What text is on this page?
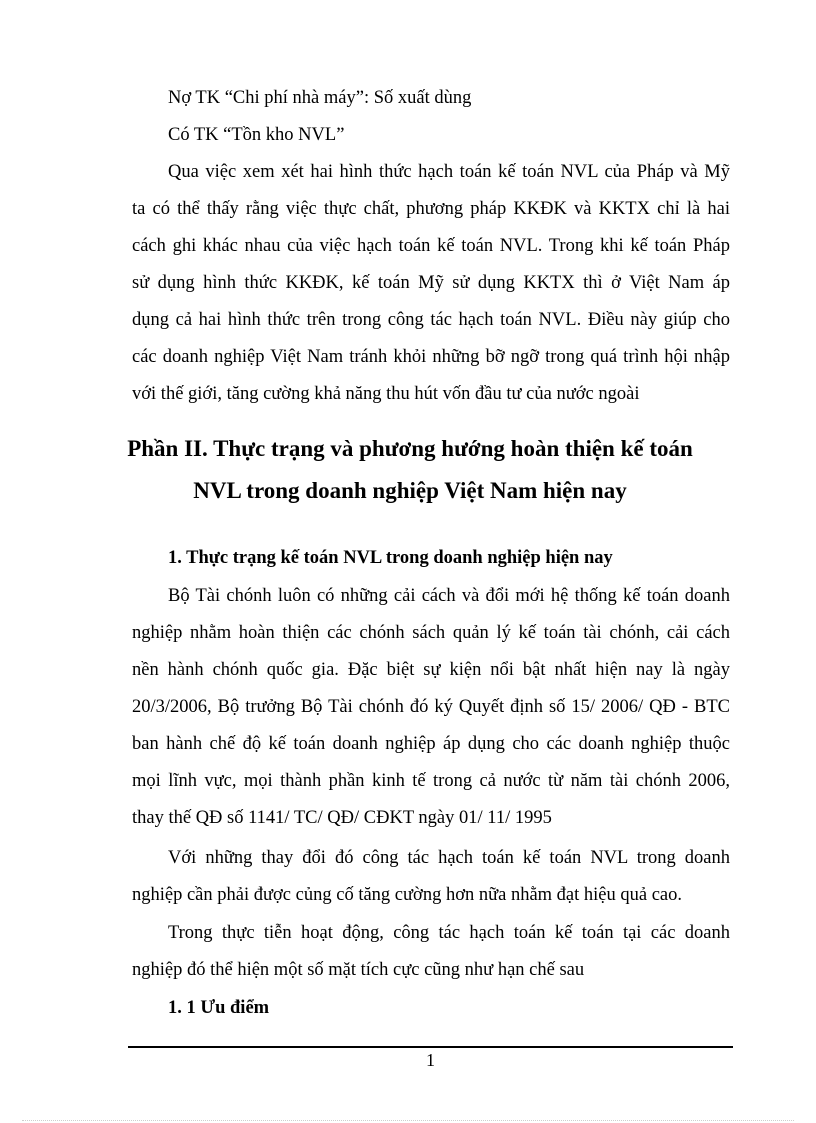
Nợ TK “Chi phí nhà máy”: Số xuất dùng
Có TK “Tồn kho NVL”
Qua việc xem xét hai hình thức hạch toán kế toán NVL của Pháp và Mỹ
ta có thể thấy rằng việc thực chất, phương pháp KKĐK và KKTX chỉ là hai
cách ghi khác nhau của việc hạch toán kế toán NVL. Trong khi kế toán Pháp
sử dụng hình thức KKĐK, kế toán Mỹ sử dụng KKTX thì ở Việt Nam áp
dụng cả hai hình thức trên trong công tác hạch toán NVL. Điều này giúp cho
các doanh nghiệp Việt Nam tránh khỏi những bỡ ngỡ trong quá trình hội nhập
với thế giới, tăng cường khả năng thu hút vốn đầu tư của nước ngoài
Phần II. Thực trạng và phương hướng hoàn thiện kế toán
NVL trong doanh nghiệp Việt Nam hiện nay
1. Thực trạng kế toán NVL trong doanh nghiệp hiện nay
Bộ Tài chónh luôn có những cải cách và đổi mới hệ thống kế toán doanh
nghiệp nhằm hoàn thiện các chónh sách quản lý kế toán tài chónh, cải cách
nền hành chónh quốc gia. Đặc biệt sự kiện nổi bật nhất hiện nay là ngày
20/3/2006, Bộ trưởng Bộ Tài chónh đó ký Quyết định số 15/ 2006/ QĐ - BTC
ban hành chế độ kế toán doanh nghiệp áp dụng cho các doanh nghiệp thuộc
mọi lĩnh vực, mọi thành phần kinh tế trong cả nước từ năm tài chónh 2006,
thay thế QĐ số 1141/ TC/ QĐ/ CĐKT ngày 01/ 11/ 1995
Với những thay đổi đó công tác hạch toán kế toán NVL trong doanh
nghiệp cần phải được củng cố tăng cường hơn nữa nhằm đạt hiệu quả cao.
Trong thực tiễn hoạt động, công tác hạch toán kế toán tại các doanh
nghiệp đó thể hiện một số mặt tích cực cũng như hạn chế sau
1. 1 Ưu điểm
1
